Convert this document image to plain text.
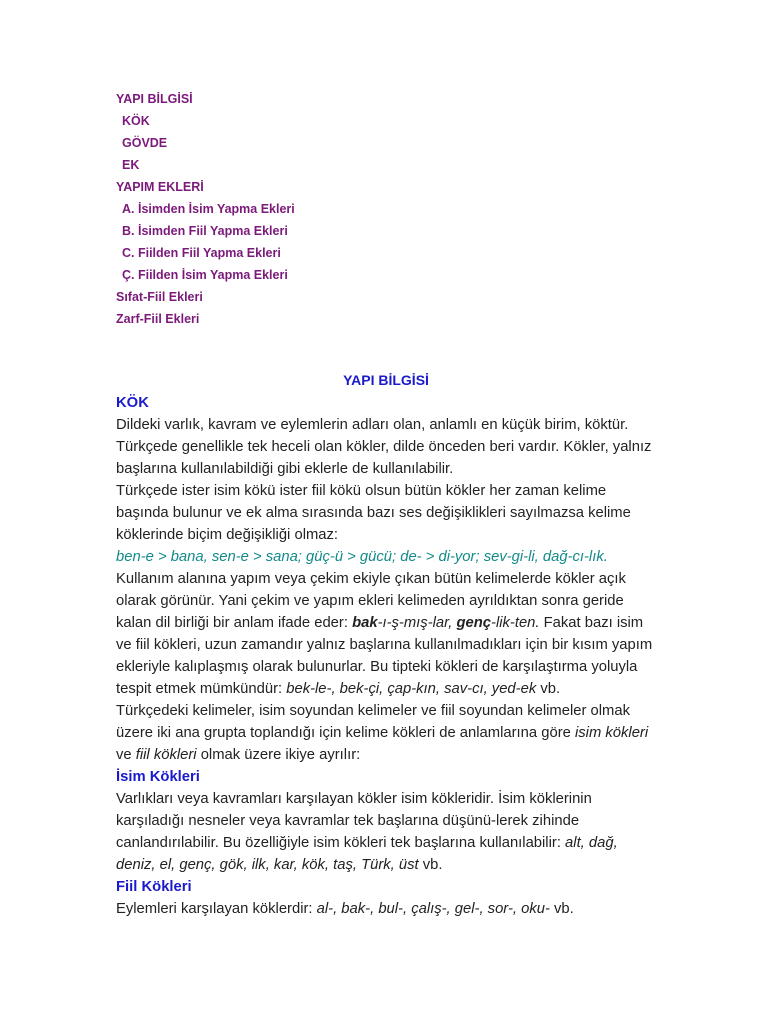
YAPI BİLGİSİ
KÖK
GÖVDE
EK
YAPIM EKLERİ
A. İsimden İsim Yapma Ekleri
B. İsimden Fiil Yapma Ekleri
C. Fiilden Fiil Yapma Ekleri
Ç. Fiilden İsim Yapma Ekleri
Sıfat-Fiil Ekleri
Zarf-Fiil Ekleri
YAPI BİLGİSİ
KÖK

Dildeki varlık, kavram ve eylemlerin adları olan, anlamlı en küçük birim, köktür. Türkçede genellikle tek heceli olan kökler, dilde önceden beri vardır. Kökler, yalnız başlarına kullanılabildiği gibi eklerle de kullanılabilir.

Türkçede ister isim kökü ister fiil kökü olsun bütün kökler her zaman kelime başında bulunur ve ek alma sırasında bazı ses değişiklikleri sayılmazsa kelime köklerinde biçim değişikliği olmaz:

ben-e > bana, sen-e > sana; güç-ü > gücü; de- > di-yor; sev-gi-li, dağ-cı-lık.

Kullanım alanına yapım veya çekim ekiyle çıkan bütün kelimelerde kökler açık olarak görünür. Yani çekim ve yapım ekleri kelimeden ayrıldıktan sonra geride kalan dil birliği bir anlam ifade eder: bak-ı-ş-mış-lar, genç-lik-ten. Fakat bazı isim ve fiil kökleri, uzun zamandır yalnız başlarına kullanılmadıkları için bir kısım yapım ekleriyle kalıplaşmış olarak bulunurlar. Bu tipteki kökleri de karşılaştırma yoluyla tespit etmek mümkündür: bek-le-, bek-çi, çap-kın, sav-cı, yed-ek vb.

Türkçedeki kelimeler, isim soyundan kelimeler ve fiil soyundan kelimeler olmak üzere iki ana grupta toplandığı için kelime kökleri de anlamlarına göre isim kökleri ve fiil kökleri olmak üzere ikiye ayrılır:

İsim Kökleri

Varlıkları veya kavramları karşılayan kökler isim kökleridir. İsim köklerinin karşıladığı nesneler veya kavramlar tek başlarına düşünü-lerek zihinde canlandırılabilir. Bu özelliğiyle isim kökleri tek başlarına kullanılabilir: alt, dağ, deniz, el, genç, gök, ilk, kar, kök, taş, Türk, üst vb.

Fiil Kökleri

Eylemleri karşılayan köklerdir: al-, bak-, bul-, çalış-, gel-, sor-, oku- vb.
